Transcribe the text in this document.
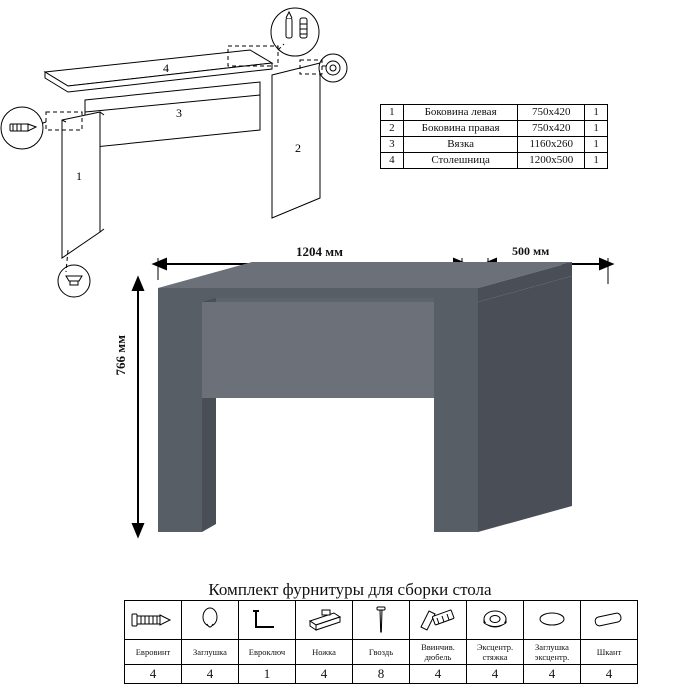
4
3
1
2
1	Боковина левая	750х420	1
2	Боковина правая	750х420	1
3	Вязка	1160х260	1
4	Столешница	1200х500	1
1204 мм	500 мм
766 мм
Комплект фурнитуры для сборки стола

Евровинт	Заглушка	Евроключ	Ножка	Гвоздь	Ввинчив. дюбель	Эксцентр. стяжка	Заглушка эксцентр.	Шкант
4	4	1	4	8	4	4	4	4
